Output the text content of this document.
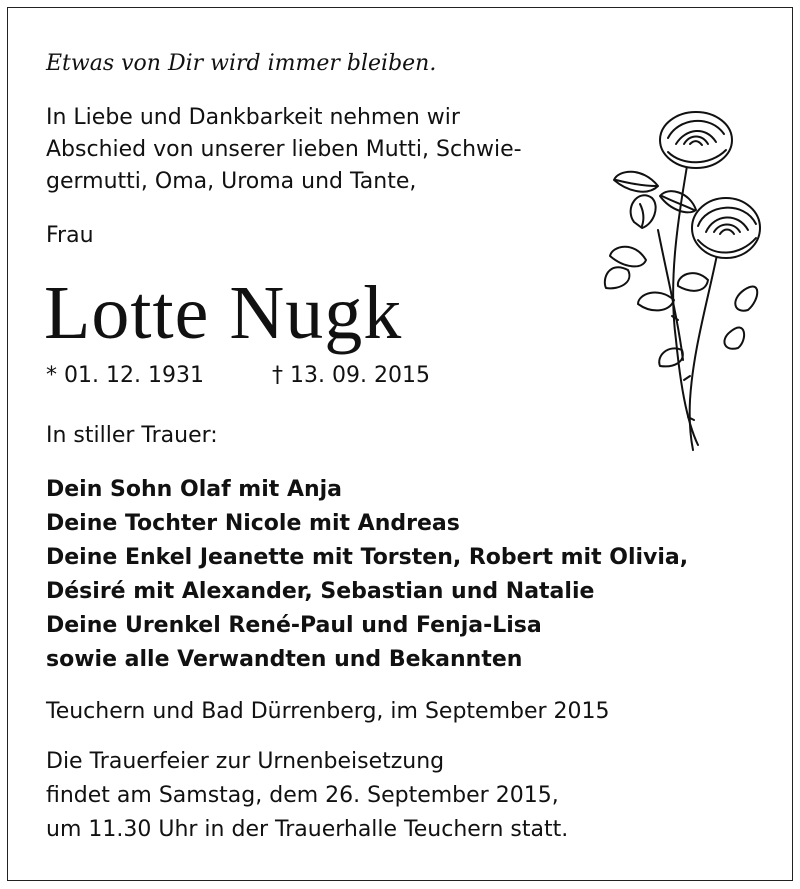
Etwas von Dir wird immer bleiben.
In Liebe und Dankbarkeit nehmen wir
Abschied von unserer lieben Mutti, Schwie-
germutti, Oma, Uroma und Tante,
Frau
Lotte Nugk
* 01. 12. 1931	† 13. 09. 2015
In stiller Trauer:
Dein Sohn Olaf mit Anja
Deine Tochter Nicole mit Andreas
Deine Enkel Jeanette mit Torsten, Robert mit Olivia,
Désiré mit Alexander, Sebastian und Natalie
Deine Urenkel René-Paul und Fenja-Lisa
sowie alle Verwandten und Bekannten
Teuchern und Bad Dürrenberg, im September 2015
Die Trauerfeier zur Urnenbeisetzung
findet am Samstag, dem 26. September 2015,
um 11.30 Uhr in der Trauerhalle Teuchern statt.
